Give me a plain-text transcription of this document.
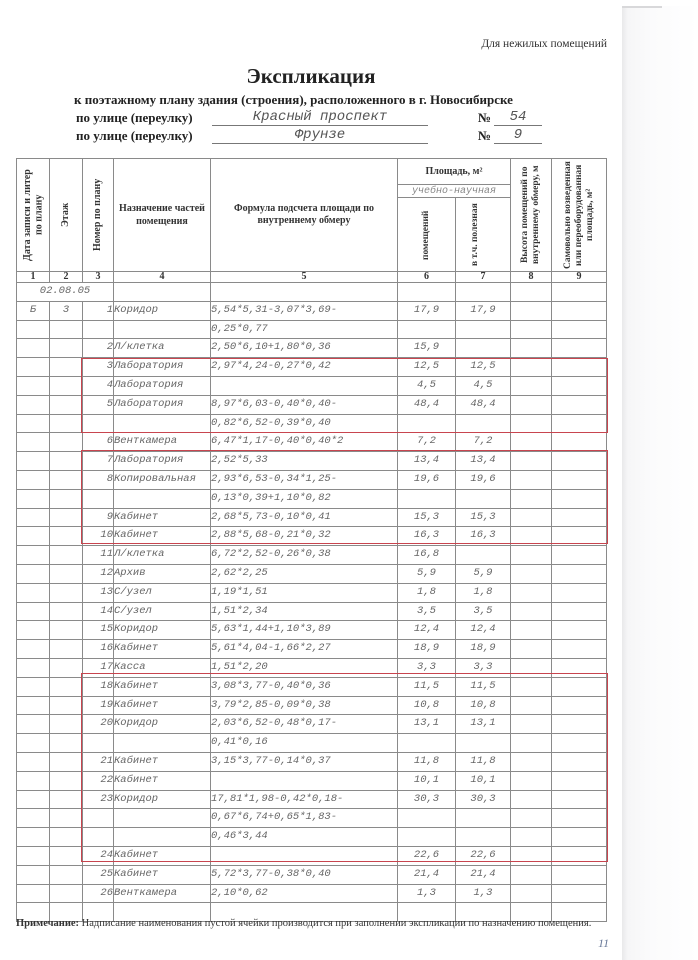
Для нежилых помещений
Экспликация
к поэтажному плану здания (строения), расположенного в г. Новосибирске
по улице (переулку)	Красный проспект	№	54
по улице (переулку)	Фрунзе	№	9
Дата записи и литер по плану	Этаж	Номер по плану	Назначение частей помещения	Формула подсчета площади по внутреннему обмеру	Площадь, м²		Высота помещений по внутреннему обмеру, м	Самовольно возведенная или переоборудованная площадь, м²

					учебно-научная			

					помещений	в т.ч. полезная		

1	2	3	4	5	6	7	8	9
02.08.05								
Б	3	1	Коридор	5,54*5,31-3,07*3,69-	17,9	17,9		
				0,25*0,77				
		2	Л/клетка	2,50*6,10+1,80*0,36	15,9			
		3	Лаборатория	2,97*4,24-0,27*0,42	12,5	12,5		
		4	Лаборатория		4,5	4,5		
		5	Лаборатория	8,97*6,03-0,40*0,40-	48,4	48,4		
				0,82*6,52-0,39*0,40				
		6	Венткамера	6,47*1,17-0,40*0,40*2	7,2	7,2		
		7	Лаборатория	2,52*5,33	13,4	13,4		
		8	Копировальная	2,93*6,53-0,34*1,25-	19,6	19,6		
				0,13*0,39+1,10*0,82				
		9	Кабинет	2,68*5,73-0,10*0,41	15,3	15,3		
		10	Кабинет	2,88*5,68-0,21*0,32	16,3	16,3		
		11	Л/клетка	6,72*2,52-0,26*0,38	16,8			
		12	Архив	2,62*2,25	5,9	5,9		
		13	С/узел	1,19*1,51	1,8	1,8		
		14	С/узел	1,51*2,34	3,5	3,5		
		15	Коридор	5,63*1,44+1,10*3,89	12,4	12,4		
		16	Кабинет	5,61*4,04-1,66*2,27	18,9	18,9		
		17	Касса	1,51*2,20	3,3	3,3		
		18	Кабинет	3,08*3,77-0,40*0,36	11,5	11,5		
		19	Кабинет	3,79*2,85-0,09*0,38	10,8	10,8		
		20	Коридор	2,03*6,52-0,48*0,17-	13,1	13,1		
				0,41*0,16				
		21	Кабинет	3,15*3,77-0,14*0,37	11,8	11,8		
		22	Кабинет		10,1	10,1		
		23	Коридор	17,81*1,98-0,42*0,18-	30,3	30,3		
				0,67*6,74+0,65*1,83-				
				0,46*3,44				
		24	Кабинет		22,6	22,6		
		25	Кабинет	5,72*3,77-0,38*0,40	21,4	21,4		
		26	Венткамера	2,10*0,62	1,3	1,3		

Примечание: Надписание наименования пустой ячейки производится при заполнении экспликации по назначению помещения.
11
